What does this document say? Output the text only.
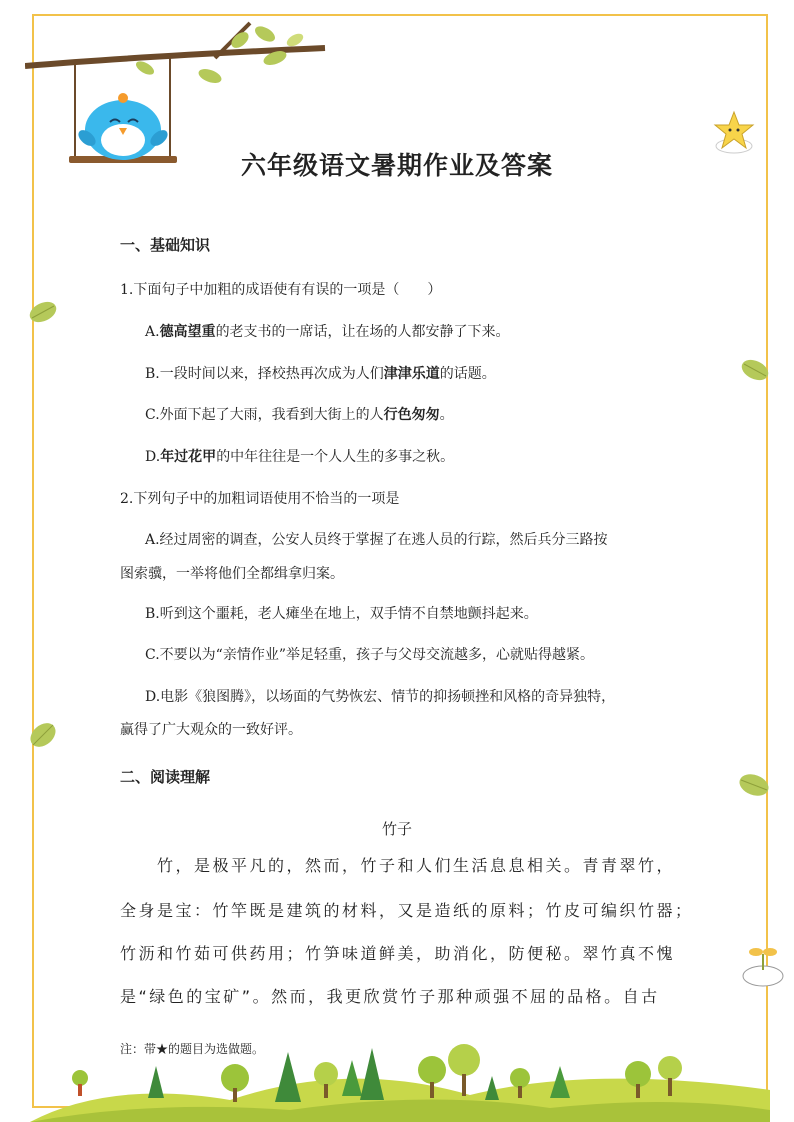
六年级语文暑期作业及答案
一、基础知识
1.下面句子中加粗的成语使有有误的一项是（　　）
A.德高望重的老支书的一席话，让在场的人都安静了下来。
B.一段时间以来，择校热再次成为人们津津乐道的话题。
C.外面下起了大雨，我看到大街上的人行色匆匆。
D.年过花甲的中年往往是一个人人生的多事之秋。
2.下列句子中的加粗词语使用不恰当的一项是
A.经过周密的调查，公安人员终于掌握了在逃人员的行踪，然后兵分三路按
图索骥，一举将他们全都缉拿归案。
B.听到这个噩耗，老人瘫坐在地上，双手情不自禁地颤抖起来。
C.不要以为“亲情作业”举足轻重，孩子与父母交流越多，心就贴得越紧。
D.电影《狼图腾》，以场面的气势恢宏、情节的抑扬顿挫和风格的奇异独特，
赢得了广大观众的一致好评。
二、阅读理解
竹子
　　竹，是极平凡的，然而，竹子和人们生活息息相关。青青翠竹，
全身是宝：竹竿既是建筑的材料，又是造纸的原料；竹皮可编织竹器；
竹沥和竹茹可供药用；竹笋味道鲜美，助消化，防便秘。翠竹真不愧
是“绿色的宝矿”。然而，我更欣赏竹子那种顽强不屈的品格。自古
注：带★的题目为选做题。
